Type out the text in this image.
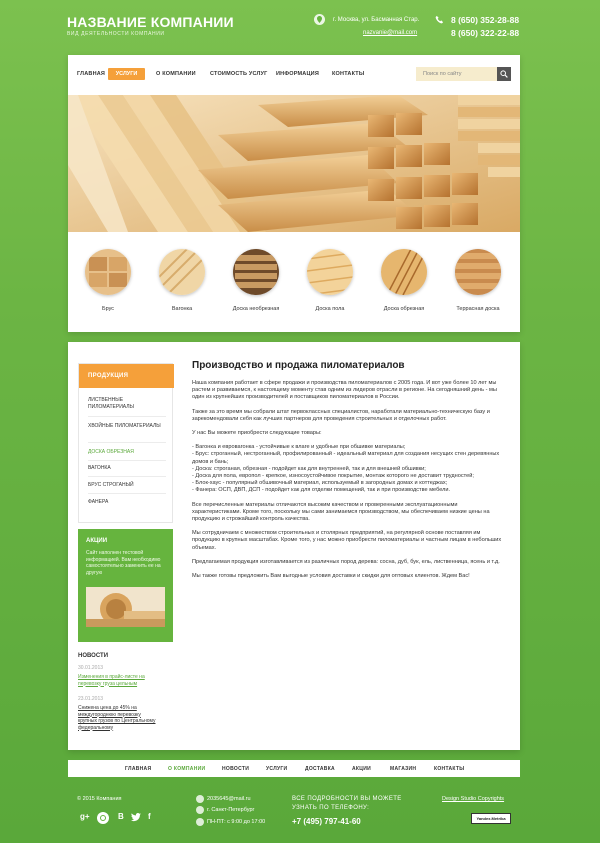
НАЗВАНИЕ КОМПАНИИ
ВИД ДЕЯТЕЛЬНОСТИ КОМПАНИИ
г. Москва, ул. Басманная Стар.
nazvanie@mail.com
8 (650) 352-28-88
8 (650) 322-22-88
ГЛАВНАЯ	УСЛУГИ	О КОМПАНИИ	СТОИМОСТЬ УСЛУГ ИНФОРМАЦИЯ КОНТАКТЫ	Поиск по сайту
Брус	Вагонка	Доска необрезная	Доска пола	Доска обрезная	Террасная доска
ПРОДУКЦИЯ
ЛИСТВЕННЫЕ ПИЛОМАТЕРИАЛЫ
ХВОЙНЫЕ ПИЛОМАТЕРИАЛЫ
ДОСКА ОБРЕЗНАЯ
ВАГОНКА
БРУС СТРОГАНЫЙ
ФАНЕРА
АКЦИИ
Сайт наполнен тестовой информацией. Вам необходимо самостоятельно заменить ее на другую
НОВОСТИ
30.01.2013
Изменения в прайс-листе на перевозку груза цельным
23.01.2013
Снижена цена до 45% на междугороднюю перевозку крупных грузов по Центральному федеральному
Производство и продажа пиломатериалов
Наша компания работает в сфере продажи и производства пиломатериалов с 2005 года. И вот уже более 10 лет мы растем и развиваемся, к настоящему моменту став одним из лидеров отрасли в регионе. На сегодняшний день - мы один из крупнейших производителей и поставщиков пиломатериалов в России.
Также за это время мы собрали штат первоклассных специалистов, наработали материально-техническую базу и зарекомендовали себя как лучших партнеров для проведения строительных и отделочных работ.
У нас Вы можете приобрести следующие товары:
- Вагонка и евровагонка - устойчивые к влаге и удобные при обшивке материалы;
- Брус: строганный, нестроганный, профилированный - идеальный материал для создания несущих стен деревянных домов и бань;
- Доска: строганая, обрезная - подойдет как для внутренней, так и для внешней обшивки;
- Доска для пола, европол - крепкое, износоустойчивое покрытие, монтаж которого не доставит трудностей;
- Блок-хаус - популярный обшивочный материал, используемый в загородных домах и коттеджах;
- Фанера: ОСП, ДВП, ДСП - подойдет как для отделки помещений, так и при производстве мебели.
Все перечисленные материалы отличаются высоким качеством и проверенными эксплуатационными характеристиками. Кроме того, поскольку мы сами занимаемся производством, мы обеспечиваем низкие цены на продукцию и строжайший контроль качества.
Мы сотрудничаем с множеством строительных и столярных предприятий, на регулярной основе поставляя им продукцию в крупных масштабах. Кроме того, у нас можно приобрести пиломатериалы и частным лицам в небольших объемах.
Предлагаемая продукция изготавливается из различных пород дерева: сосна, дуб, бук, ель, лиственница, ясень и т.д.
Мы также готовы предложить Вам выгодные условия доставки и скидки для оптовых клиентов. Ждем Вас!
ГЛАВНАЯ	О КОМПАНИИ	НОВОСТИ	УСЛУГИ	ДОСТАВКА	АКЦИИ	МАГАЗИН	КОНТАКТЫ
© 2015 Компания
g+	В	f
2035645@mail.ru
г. Санкт-Петербург
ПН-ПТ: с 9:00 до 17:00
ВСЕ ПОДРОБНОСТИ ВЫ МОЖЕТЕ УЗНАТЬ ПО ТЕЛЕФОНУ:
+7 (495) 797-41-60
Design Studio Copyrights
Yandex.Metrika
